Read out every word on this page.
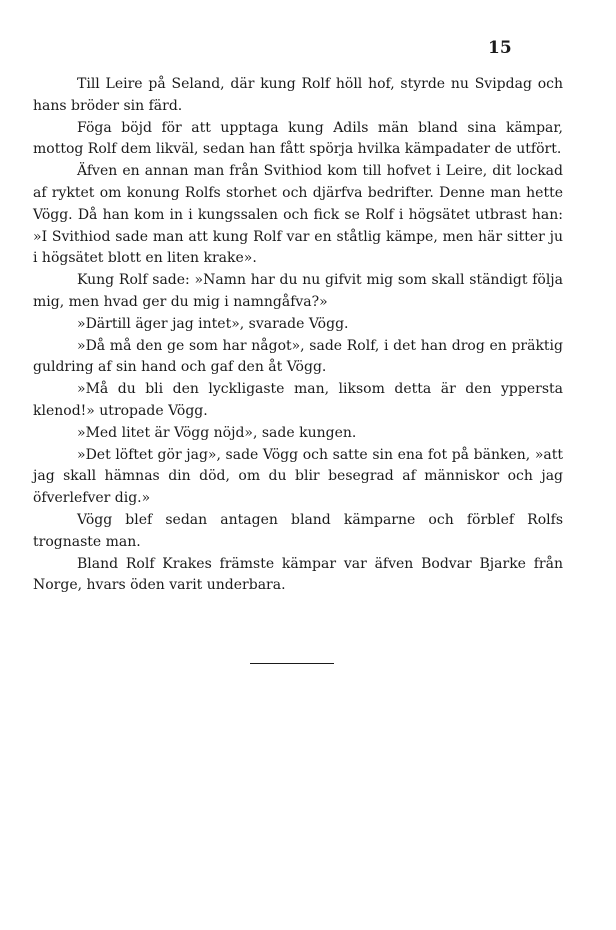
15

Till Leire på Seland, där kung Rolf höll hof, styrde nu Svipdag och hans bröder sin färd.

Föga böjd för att upptaga kung Adils män bland sina kämpar, mottog Rolf dem likväl, sedan han fått spörja hvilka kämpadater de utfört.

Äfven en annan man från Svithiod kom till hofvet i Leire, dit lockad af ryktet om konung Rolfs storhet och djärfva bedrifter. Denne man hette Vögg. Då han kom in i kungssalen och fick se Rolf i högsätet utbrast han: »I Svithiod sade man att kung Rolf var en ståtlig kämpe, men här sitter ju i högsätet blott en liten krake».

Kung Rolf sade: »Namn har du nu gifvit mig som skall ständigt följa mig, men hvad ger du mig i namngåfva?»

»Därtill äger jag intet», svarade Vögg.

»Då må den ge som har något», sade Rolf, i det han drog en präktig guldring af sin hand och gaf den åt Vögg.

»Må du bli den lyckligaste man, liksom detta är den yppersta klenod!» utropade Vögg.

»Med litet är Vögg nöjd», sade kungen.

»Det löftet gör jag», sade Vögg och satte sin ena fot på bänken, »att jag skall hämnas din död, om du blir besegrad af människor och jag öfverlefver dig.»

Vögg blef sedan antagen bland kämparne och förblef Rolfs trognaste man.

Bland Rolf Krakes främste kämpar var äfven Bodvar Bjarke från Norge, hvars öden varit underbara.
